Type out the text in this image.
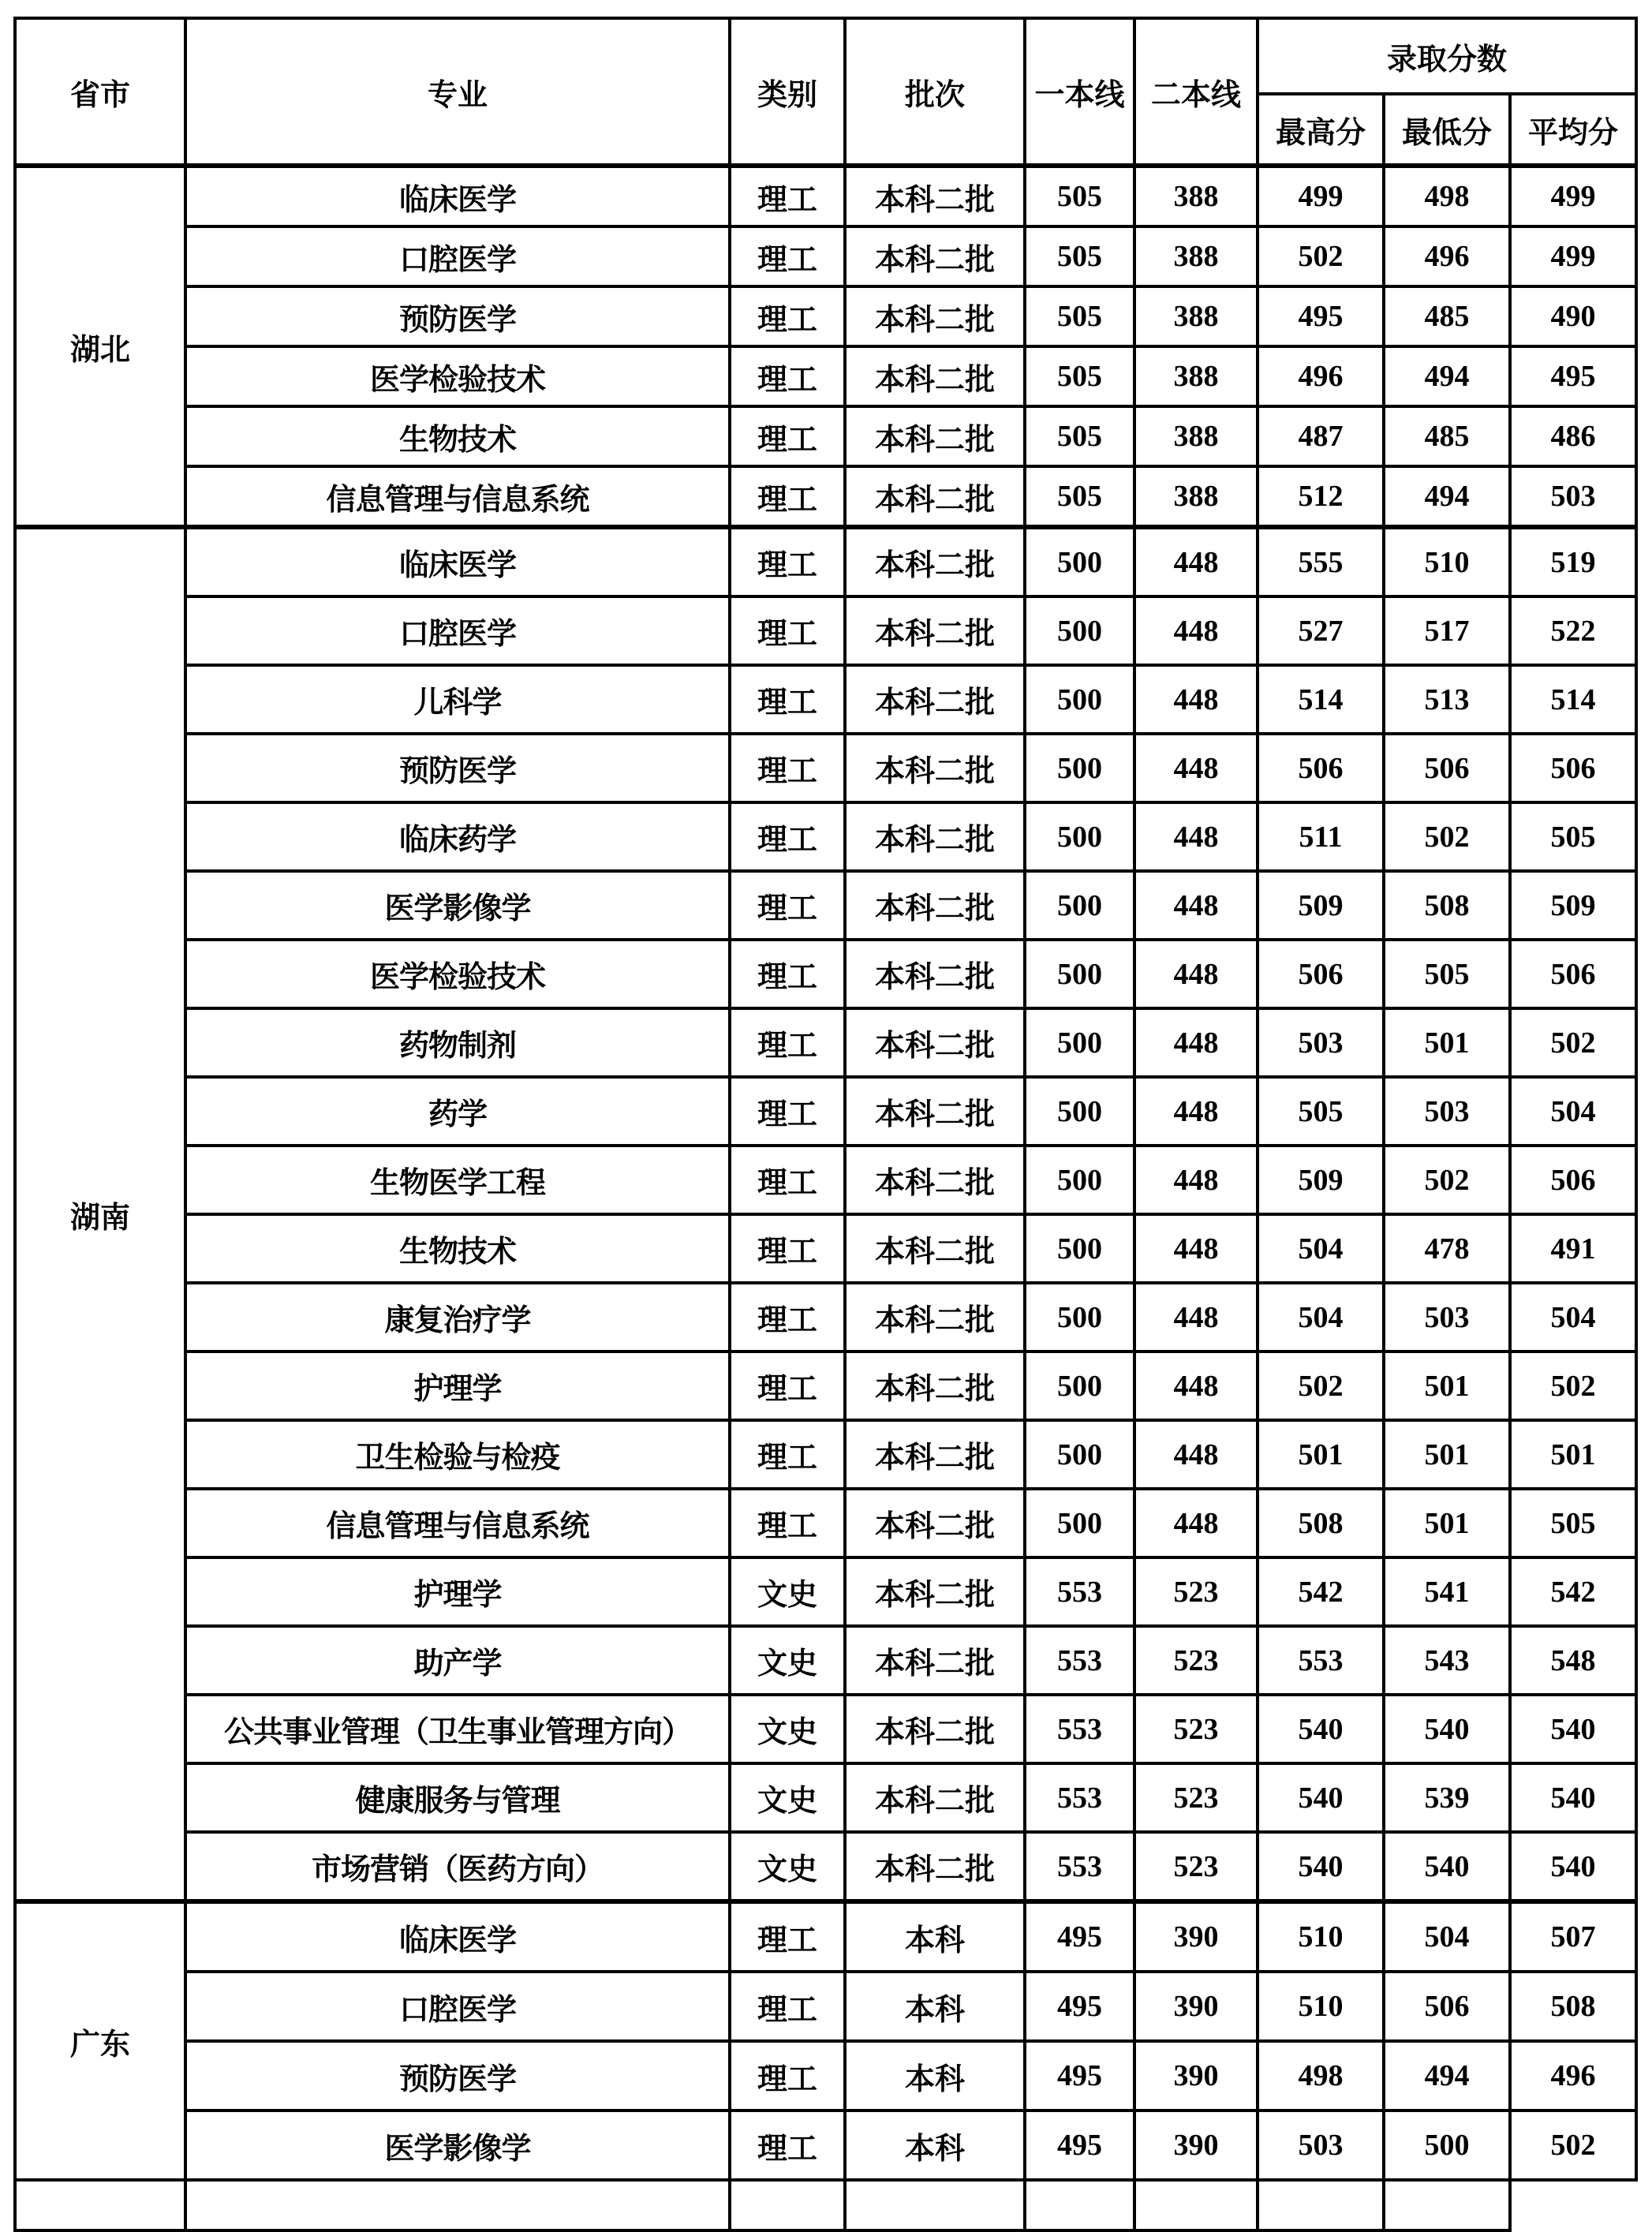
省市	专业	类别	批次	一本线	二本线	录取分数		
						最高分	最低分	平均分
湖北	临床医学	理工	本科二批	505	388	499	498	499
	口腔医学	理工	本科二批	505	388	502	496	499
	预防医学	理工	本科二批	505	388	495	485	490
	医学检验技术	理工	本科二批	505	388	496	494	495
	生物技术	理工	本科二批	505	388	487	485	486
	信息管理与信息系统	理工	本科二批	505	388	512	494	503
湖南	临床医学	理工	本科二批	500	448	555	510	519
	口腔医学	理工	本科二批	500	448	527	517	522
	儿科学	理工	本科二批	500	448	514	513	514
	预防医学	理工	本科二批	500	448	506	506	506
	临床药学	理工	本科二批	500	448	511	502	505
	医学影像学	理工	本科二批	500	448	509	508	509
	医学检验技术	理工	本科二批	500	448	506	505	506
	药物制剂	理工	本科二批	500	448	503	501	502
	药学	理工	本科二批	500	448	505	503	504
	生物医学工程	理工	本科二批	500	448	509	502	506
	生物技术	理工	本科二批	500	448	504	478	491
	康复治疗学	理工	本科二批	500	448	504	503	504
	护理学	理工	本科二批	500	448	502	501	502
	卫生检验与检疫	理工	本科二批	500	448	501	501	501
	信息管理与信息系统	理工	本科二批	500	448	508	501	505
	护理学	文史	本科二批	553	523	542	541	542
	助产学	文史	本科二批	553	523	553	543	548
	公共事业管理（卫生事业管理方向）	文史	本科二批	553	523	540	540	540
	健康服务与管理	文史	本科二批	553	523	540	539	540
	市场营销（医药方向）	文史	本科二批	553	523	540	540	540
广东	临床医学	理工	本科	495	390	510	504	507
	口腔医学	理工	本科	495	390	510	506	508
	预防医学	理工	本科	495	390	498	494	496
	医学影像学	理工	本科	495	390	503	500	502
